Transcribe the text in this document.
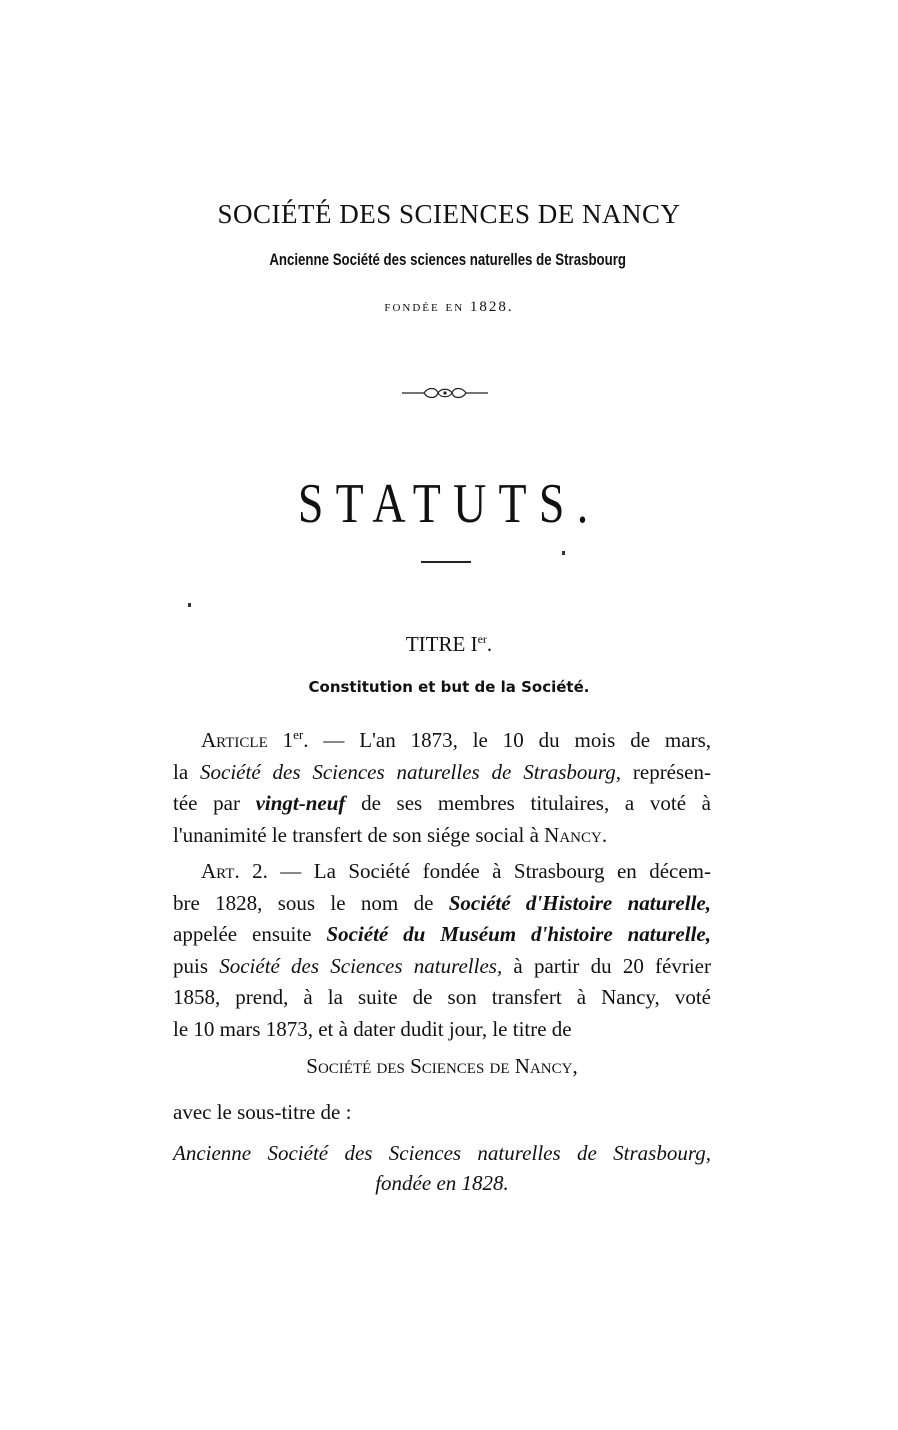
SOCIÉTÉ DES SCIENCES DE NANCY
Ancienne Société des sciences naturelles de Strasbourg
fondée en 1828.
STATUTS.
TITRE Ier.
Constitution et but de la Société.
Article 1er. — L'an 1873, le 10 du mois de mars,
la Société des Sciences naturelles de Strasbourg, représen-
tée par vingt-neuf de ses membres titulaires, a voté à
l'unanimité le transfert de son siége social à Nancy.
Art. 2. — La Société fondée à Strasbourg en décem-
bre 1828, sous le nom de Société d'Histoire naturelle,
appelée ensuite Société du Muséum d'histoire naturelle,
puis Société des Sciences naturelles, à partir du 20 février
1858, prend, à la suite de son transfert à Nancy, voté
le 10 mars 1873, et à dater dudit jour, le titre de
Société des Sciences de Nancy,
avec le sous-titre de :
Ancienne Société des Sciences naturelles de Strasbourg,
fondée en 1828.
